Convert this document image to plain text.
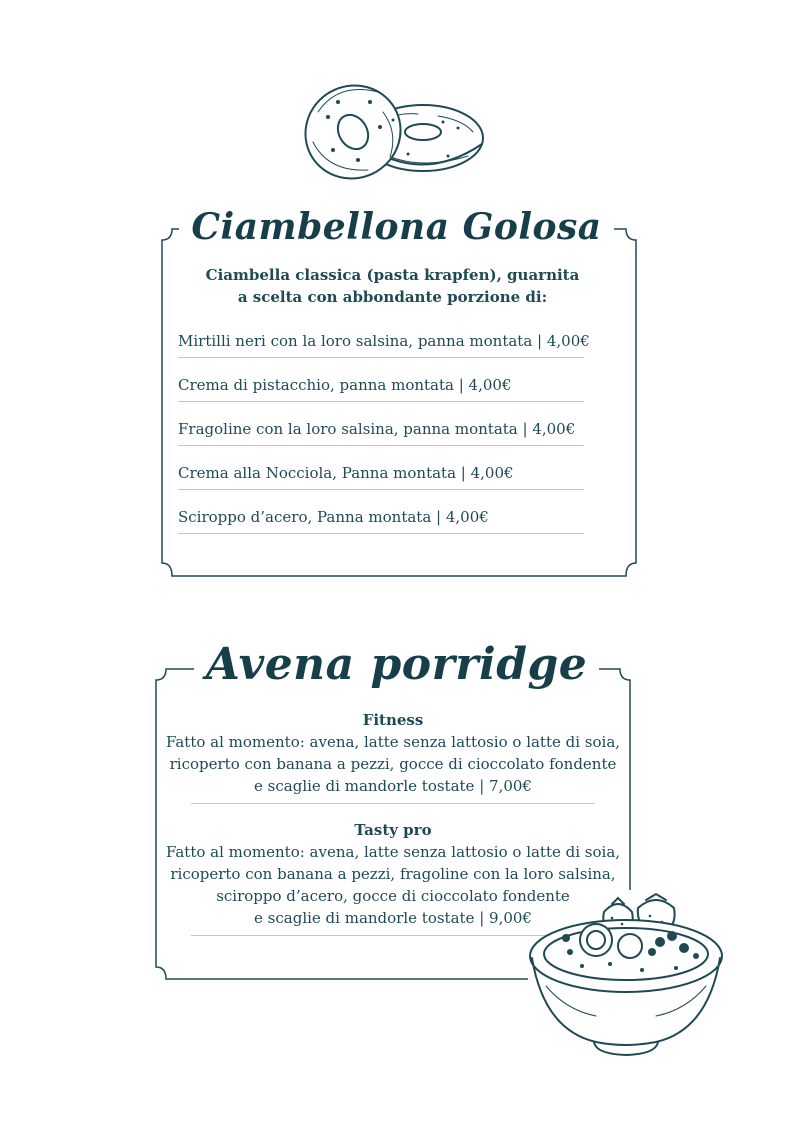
Ciambellona Golosa
Ciambella classica (pasta krapfen), guarnita
a scelta con abbondante porzione di:
Mirtilli neri con la loro salsina, panna montata | 4,00€
Crema di pistacchio, panna montata | 4,00€
Fragoline con la loro salsina, panna montata | 4,00€
Crema alla Nocciola, Panna montata | 4,00€
Sciroppo d’acero, Panna montata | 4,00€
Avena porridge
Fitness
Fatto al momento: avena, latte senza lattosio o latte di soia,
ricoperto con banana a pezzi, gocce di cioccolato fondente
e scaglie di mandorle tostate | 7,00€
Tasty pro
Fatto al momento: avena, latte senza lattosio o latte di soia,
ricoperto con banana a pezzi, fragoline con la loro salsina,
sciroppo d’acero, gocce di cioccolato fondente
e scaglie di mandorle tostate | 9,00€
